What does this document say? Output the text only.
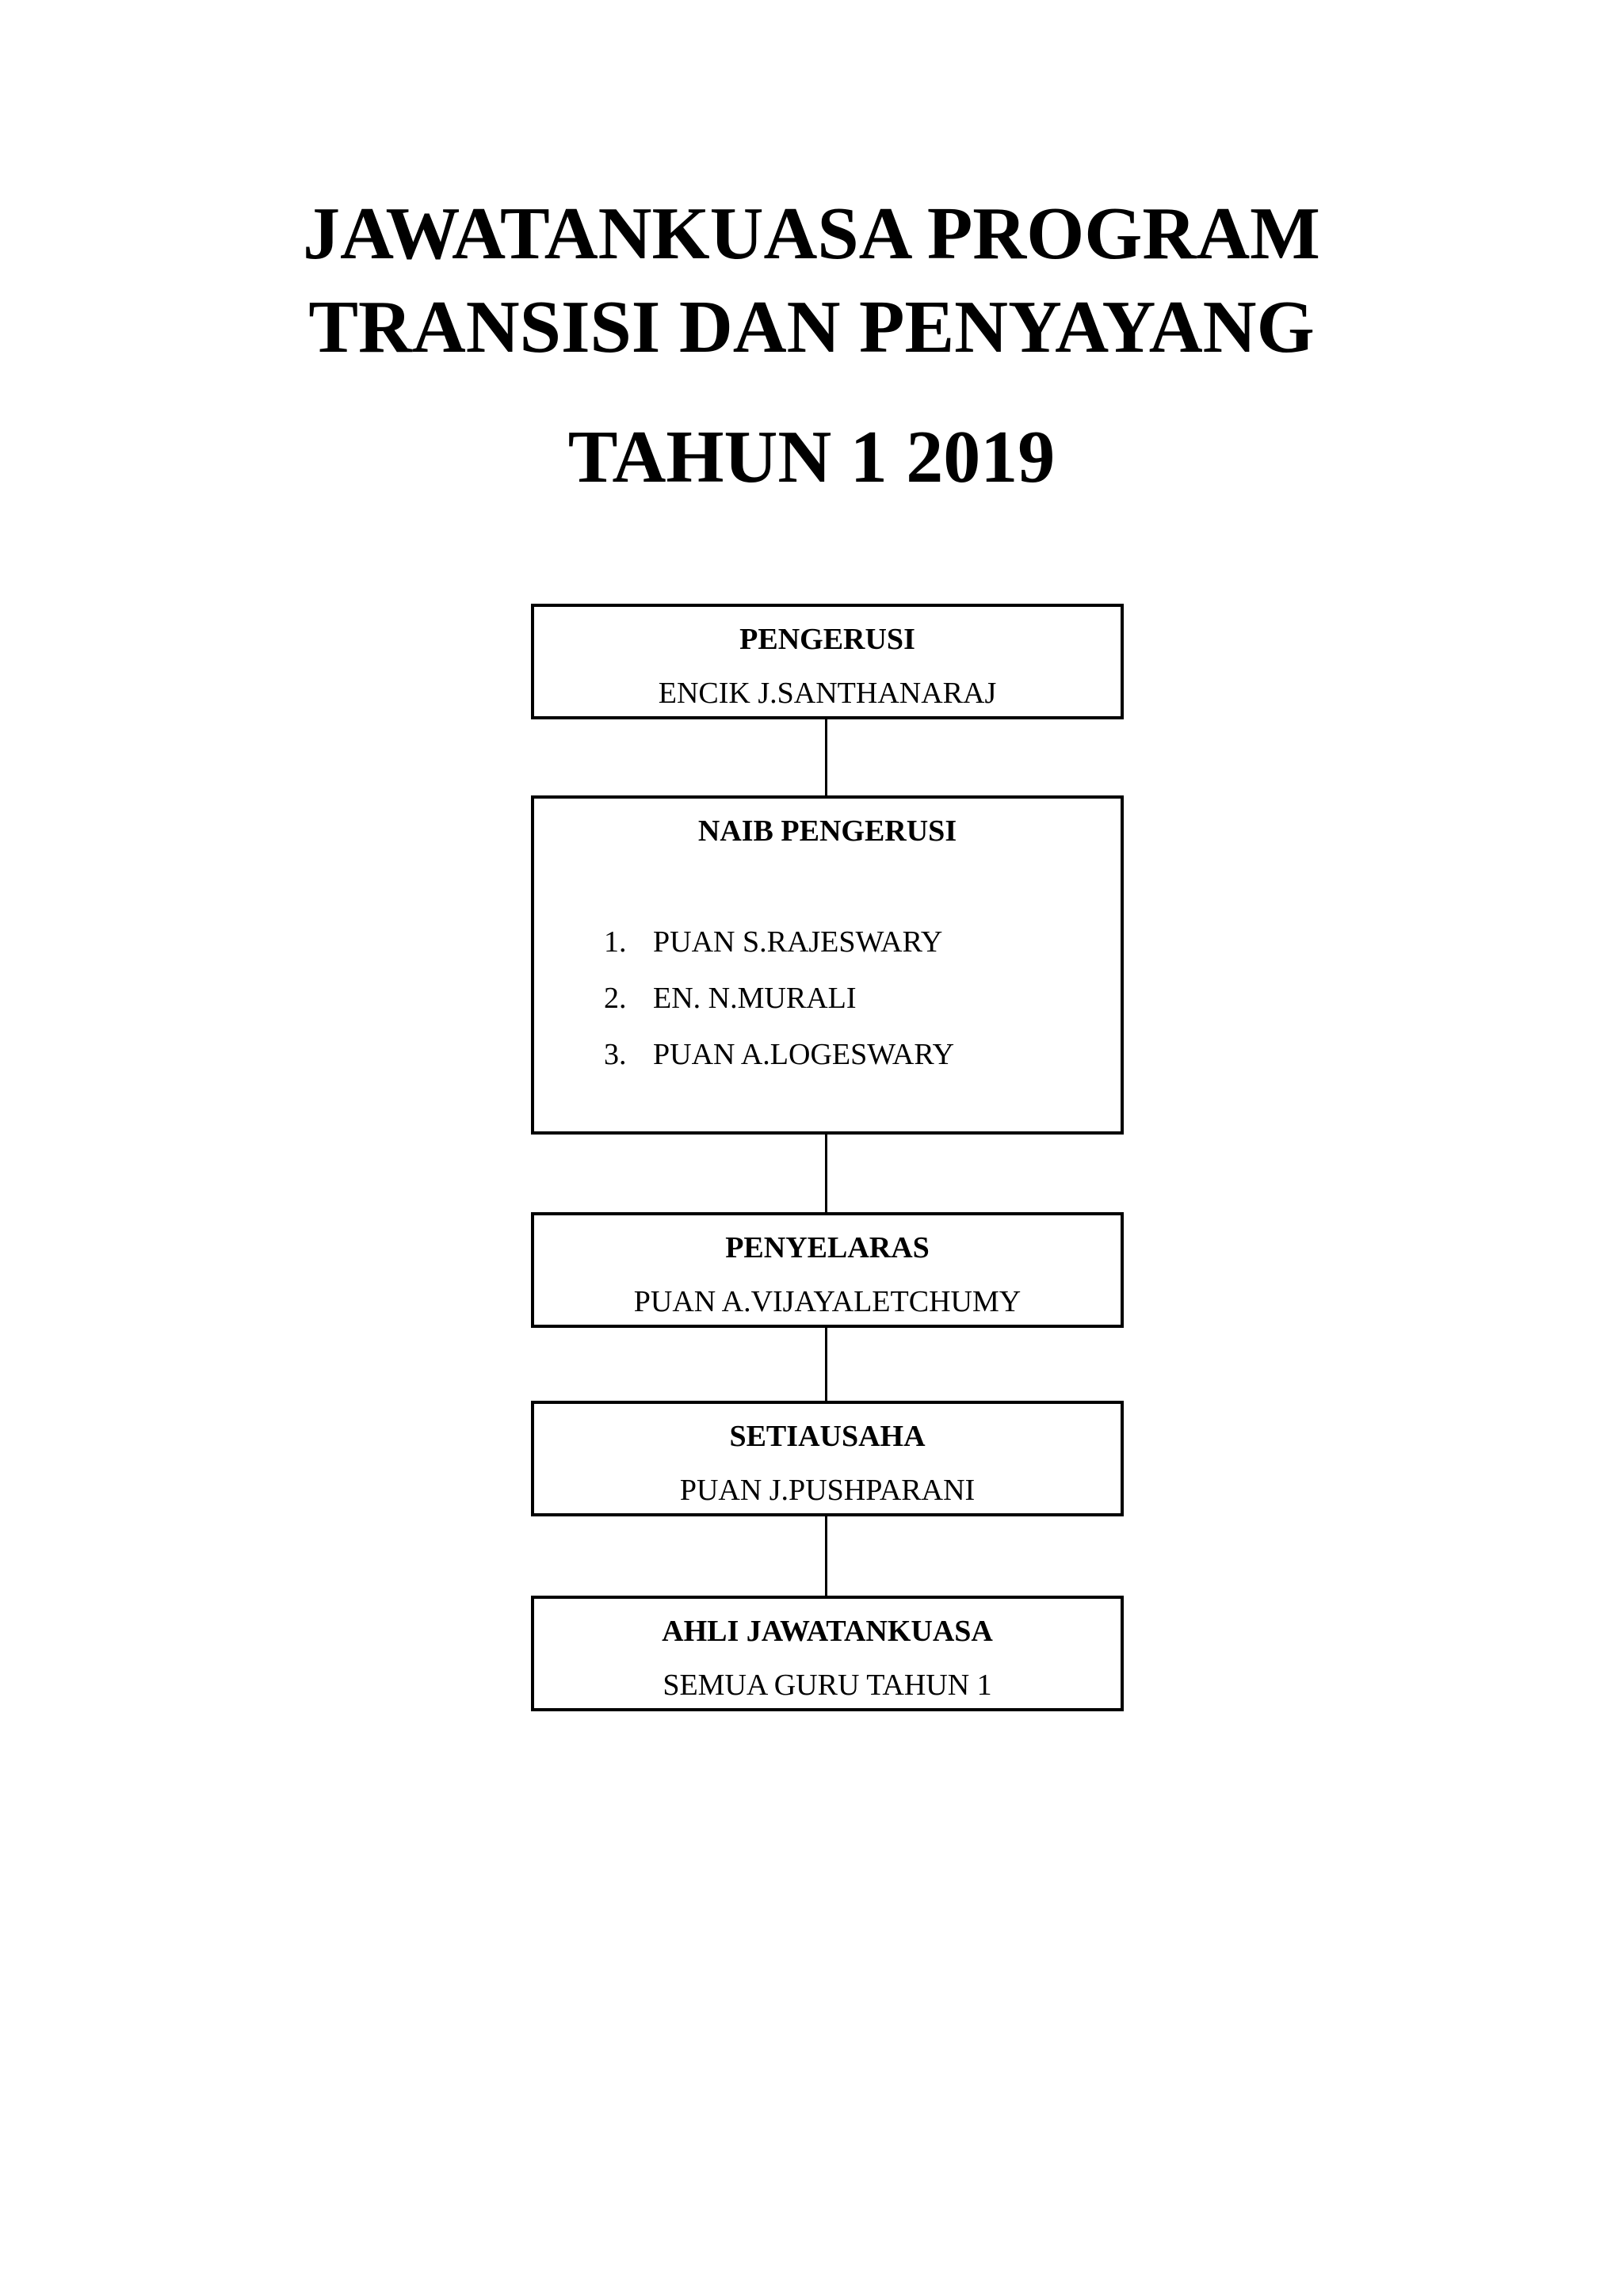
JAWATANKUASA PROGRAM

TRANSISI DAN PENYAYANG

TAHUN 1 2019

PENGERUSI
ENCIK J.SANTHANARAJ
NAIB PENGERUSI
1. PUAN S.RAJESWARY
2. EN. N.MURALI
3. PUAN A.LOGESWARY
PENYELARAS
PUAN A.VIJAYALETCHUMY
SETIAUSAHA
PUAN J.PUSHPARANI
AHLI JAWATANKUASA
SEMUA GURU TAHUN 1
